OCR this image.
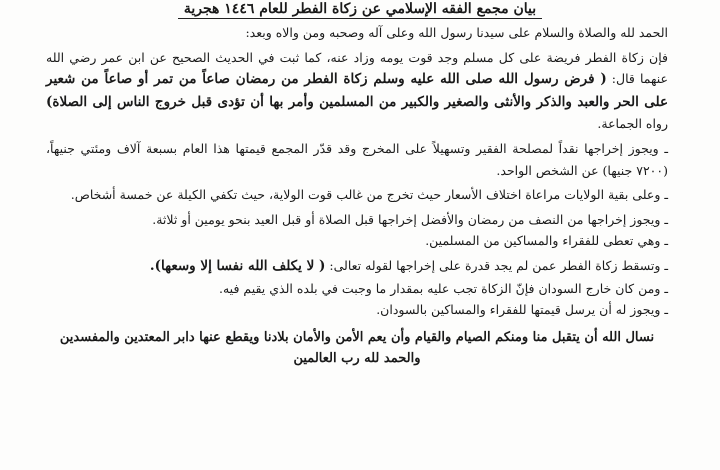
بيان مجمع الفقه الإسلامي عن زكاة الفطر للعام ١٤٤٦ هجرية

الحمد لله والصلاة والسلام على سيدنا رسول الله وعلى آله وصحبه ومن والاه وبعد:

فإن زكاة الفطر فريضة على كل مسلم وجد قوت يومه وزاد عنه، كما ثبت في الحديث الصحيح عن ابن عمر رضي الله عنهما قال: ( فرض رسول الله صلى الله عليه وسلم زكاة الفطر من رمضان صاعاً من تمر أو صاعاً من شعير على الحر والعبد والذكر والأنثى والصغير والكبير من المسلمين وأمر بها أن تؤدى قبل خروج الناس إلى الصلاة) رواه الجماعة.

ـ ويجوز إخراجها نقداً لمصلحة الفقير وتسهيلاً على المخرج وقد قدّر المجمع قيمتها هذا العام بسبعة آلاف ومئتي جنيهاً، (٧٢٠٠ جنيها) عن الشخص الواحد.

ـ وعلى بقية الولايات مراعاة اختلاف الأسعار حيث تخرج من غالب قوت الولاية، حيث تكفي الكيلة عن خمسة أشخاص.

ـ ويجوز إخراجها من النصف من رمضان والأفضل إخراجها قبل الصلاة أو قبل العيد بنحو يومين أو ثلاثة.

ـ وهي تعطى للفقراء والمساكين من المسلمين.

ـ وتسقط زكاة الفطر عمن لم يجد قدرة على إخراجها لقوله تعالى: ( لا يكلف الله نفسا إلا وسعها).

ـ ومن كان خارج السودان فإنّ الزكاة تجب عليه بمقدار ما وجبت في بلده الذي يقيم فيه.

ـ ويجوز له أن يرسل قيمتها للفقراء والمساكين بالسودان.

نسال الله أن يتقبل منا ومنكم الصيام والقيام وأن يعم الأمن والأمان بلادنا ويقطع عنها دابر المعتدين والمفسدين

والحمد لله رب العالمين
